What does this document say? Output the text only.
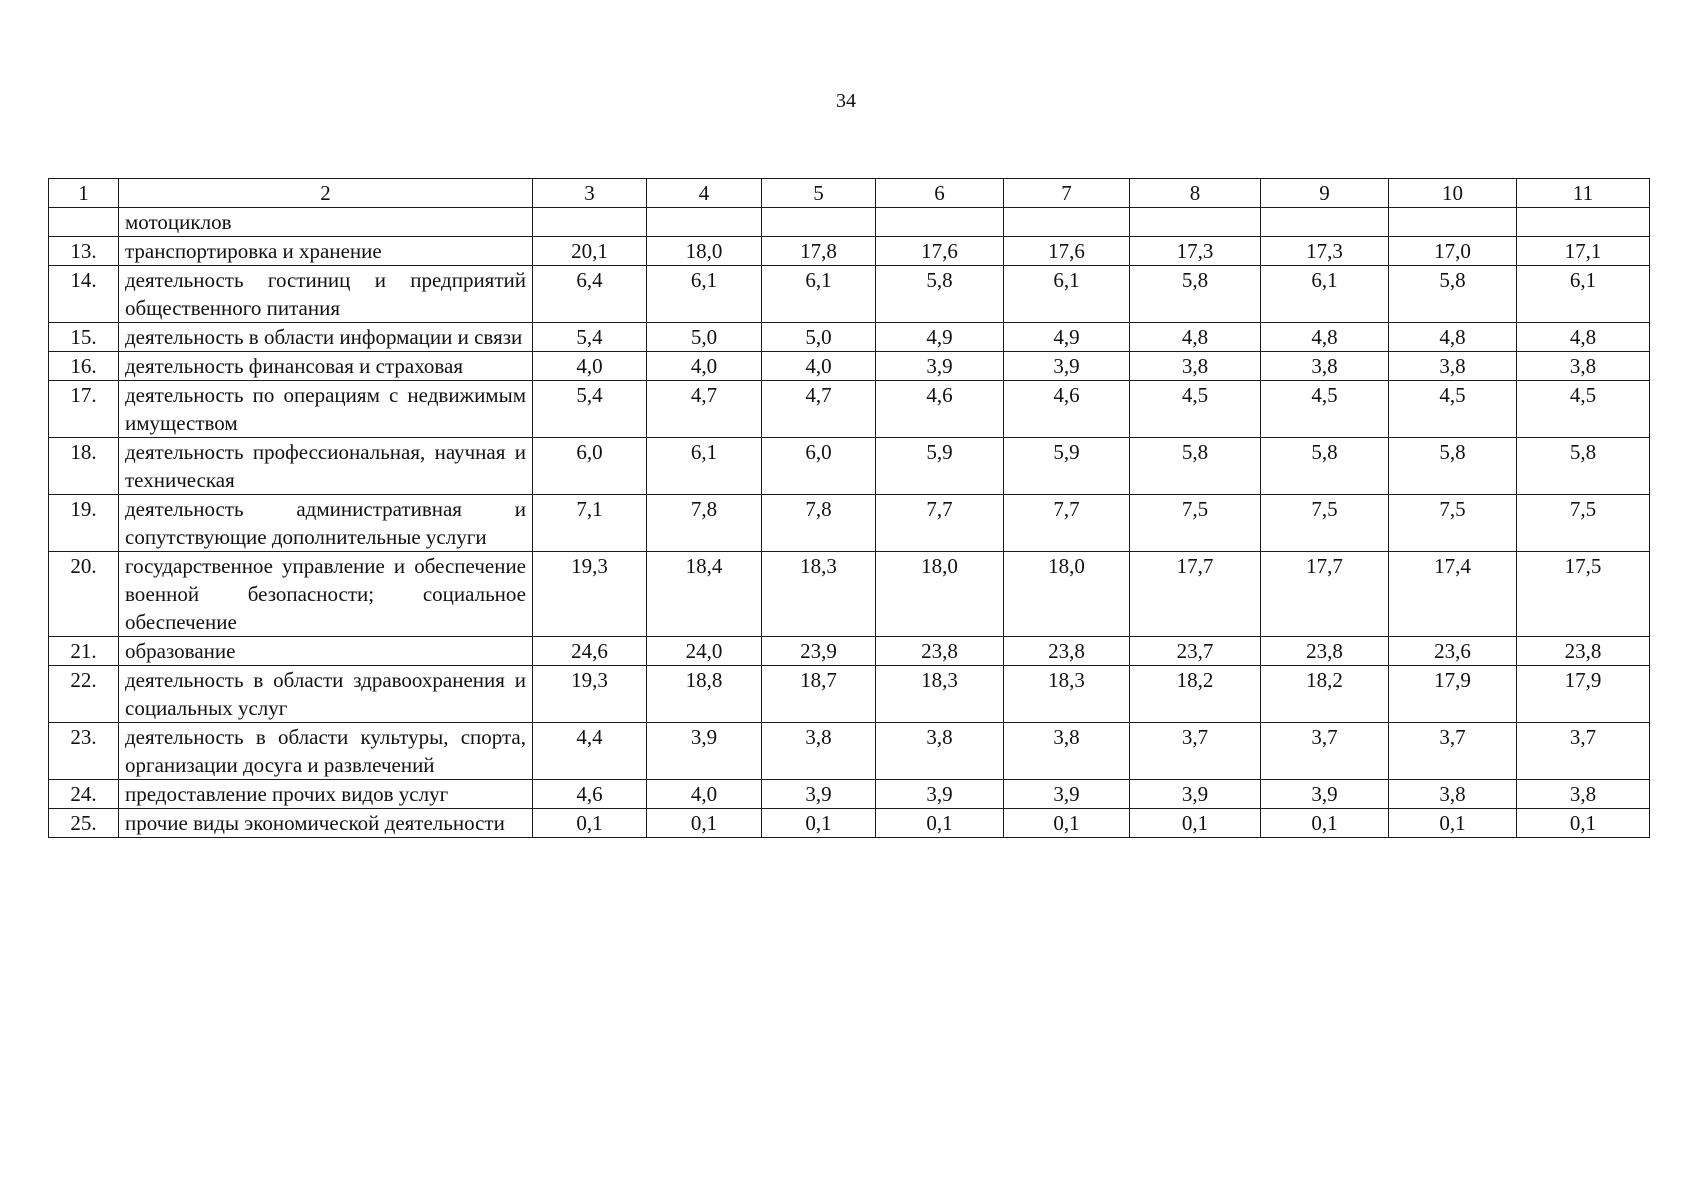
34
1	2	3	4	5	6	7	8	9	10	11
	мотоциклов									
13.	транспортировка и хранение	20,1	18,0	17,8	17,6	17,6	17,3	17,3	17,0	17,1
14.	деятельность гостиниц и предприятий общественного питания	6,4	6,1	6,1	5,8	6,1	5,8	6,1	5,8	6,1
15.	деятельность в области информации и связи	5,4	5,0	5,0	4,9	4,9	4,8	4,8	4,8	4,8
16.	деятельность финансовая и страховая	4,0	4,0	4,0	3,9	3,9	3,8	3,8	3,8	3,8
17.	деятельность по операциям с недвижимым имуществом	5,4	4,7	4,7	4,6	4,6	4,5	4,5	4,5	4,5
18.	деятельность профессиональная, научная и техническая	6,0	6,1	6,0	5,9	5,9	5,8	5,8	5,8	5,8
19.	деятельность административная и сопутствующие дополнительные услуги	7,1	7,8	7,8	7,7	7,7	7,5	7,5	7,5	7,5
20.	государственное управление и обеспечение военной безопасности; социальное обеспечение	19,3	18,4	18,3	18,0	18,0	17,7	17,7	17,4	17,5
21.	образование	24,6	24,0	23,9	23,8	23,8	23,7	23,8	23,6	23,8
22.	деятельность в области здравоохранения и социальных услуг	19,3	18,8	18,7	18,3	18,3	18,2	18,2	17,9	17,9
23.	деятельность в области культуры, спорта, организации досуга и развлечений	4,4	3,9	3,8	3,8	3,8	3,7	3,7	3,7	3,7
24.	предоставление прочих видов услуг	4,6	4,0	3,9	3,9	3,9	3,9	3,9	3,8	3,8
25.	прочие виды экономической деятельности	0,1	0,1	0,1	0,1	0,1	0,1	0,1	0,1	0,1
